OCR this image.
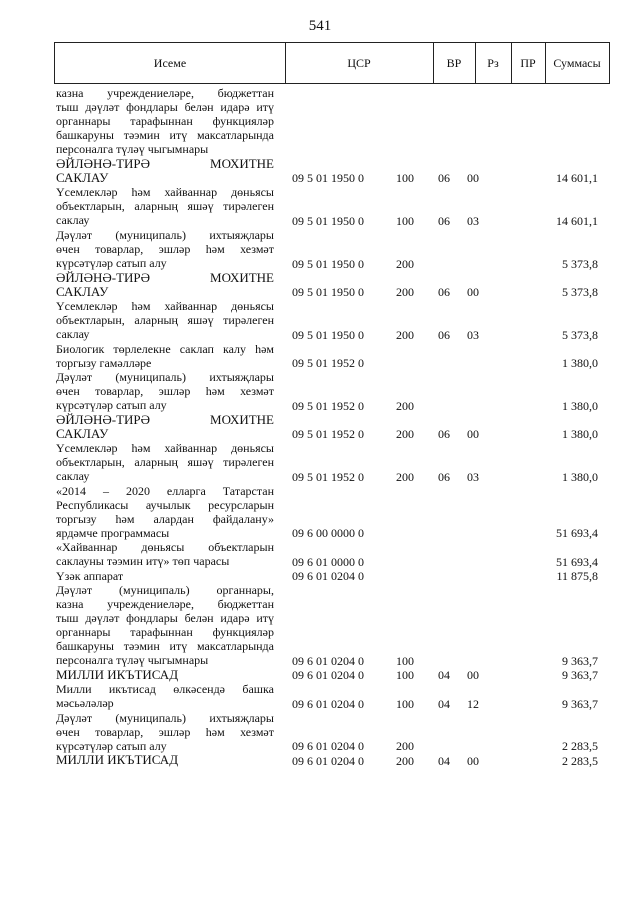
541
Исеме	ЦСР	ВР	Рз	ПР	Суммасы
казна учреждениеләре, бюджеттан
тыш дәүләт фондлары белән идарә итү
органнары тарафыннан функцияләр
башкаруны тәэмин итү максатларында
персоналга түләү чыгымнары
ӘЙЛӘНӘ-ТИРӘ МОХИТНЕ
САКЛАУ	09 5 01 1950 0	100 06 00	14 601,1
Үсемлекләр һәм хайваннар дөньясы
объектларын, аларның яшәү тирәлеген
саклау	09 5 01 1950 0	100 06 03	14 601,1
Дәүләт (муниципаль) ихтыяҗлары
өчен товарлар, эшләр һәм хезмәт
күрсәтүләр сатып алу	09 5 01 1950 0	200	5 373,8
ӘЙЛӘНӘ-ТИРӘ МОХИТНЕ
САКЛАУ	09 5 01 1950 0	200 06 00	5 373,8
Үсемлекләр һәм хайваннар дөньясы
объектларын, аларның яшәү тирәлеген
саклау	09 5 01 1950 0	200 06 03	5 373,8
Биологик төрлелекне саклап калу һәм
торгызу гамәлләре	09 5 01 1952 0	1 380,0
Дәүләт (муниципаль) ихтыяҗлары
өчен товарлар, эшләр һәм хезмәт
күрсәтүләр сатып алу	09 5 01 1952 0	200	1 380,0
ӘЙЛӘНӘ-ТИРӘ МОХИТНЕ
САКЛАУ	09 5 01 1952 0	200 06 00	1 380,0
Үсемлекләр һәм хайваннар дөньясы
объектларын, аларның яшәү тирәлеген
саклау	09 5 01 1952 0	200 06 03	1 380,0
«2014 – 2020 елларга Татарстан
Республикасы аучылык ресурсларын
торгызу һәм алардан файдалану»
ярдәмче программасы	09 6 00 0000 0	51 693,4
«Хайваннар дөньясы объектларын
саклауны тәэмин итү» төп чарасы	09 6 01 0000 0	51 693,4
Үзәк аппарат	09 6 01 0204 0	11 875,8
Дәүләт (муниципаль) органнары,
казна учреждениеләре, бюджеттан
тыш дәүләт фондлары белән идарә итү
органнары тарафыннан функцияләр
башкаруны тәэмин итү максатларында
персоналга түләү чыгымнары	09 6 01 0204 0	100	9 363,7
МИЛЛИ ИКЪТИСАД	09 6 01 0204 0	100 04 00	9 363,7
Милли икътисад өлкәсендә башка
мәсьәләләр	09 6 01 0204 0	100 04 12	9 363,7
Дәүләт (муниципаль) ихтыяҗлары
өчен товарлар, эшләр һәм хезмәт
күрсәтүләр сатып алу	09 6 01 0204 0	200	2 283,5
МИЛЛИ ИКЪТИСАД	09 6 01 0204 0	200 04 00	2 283,5
